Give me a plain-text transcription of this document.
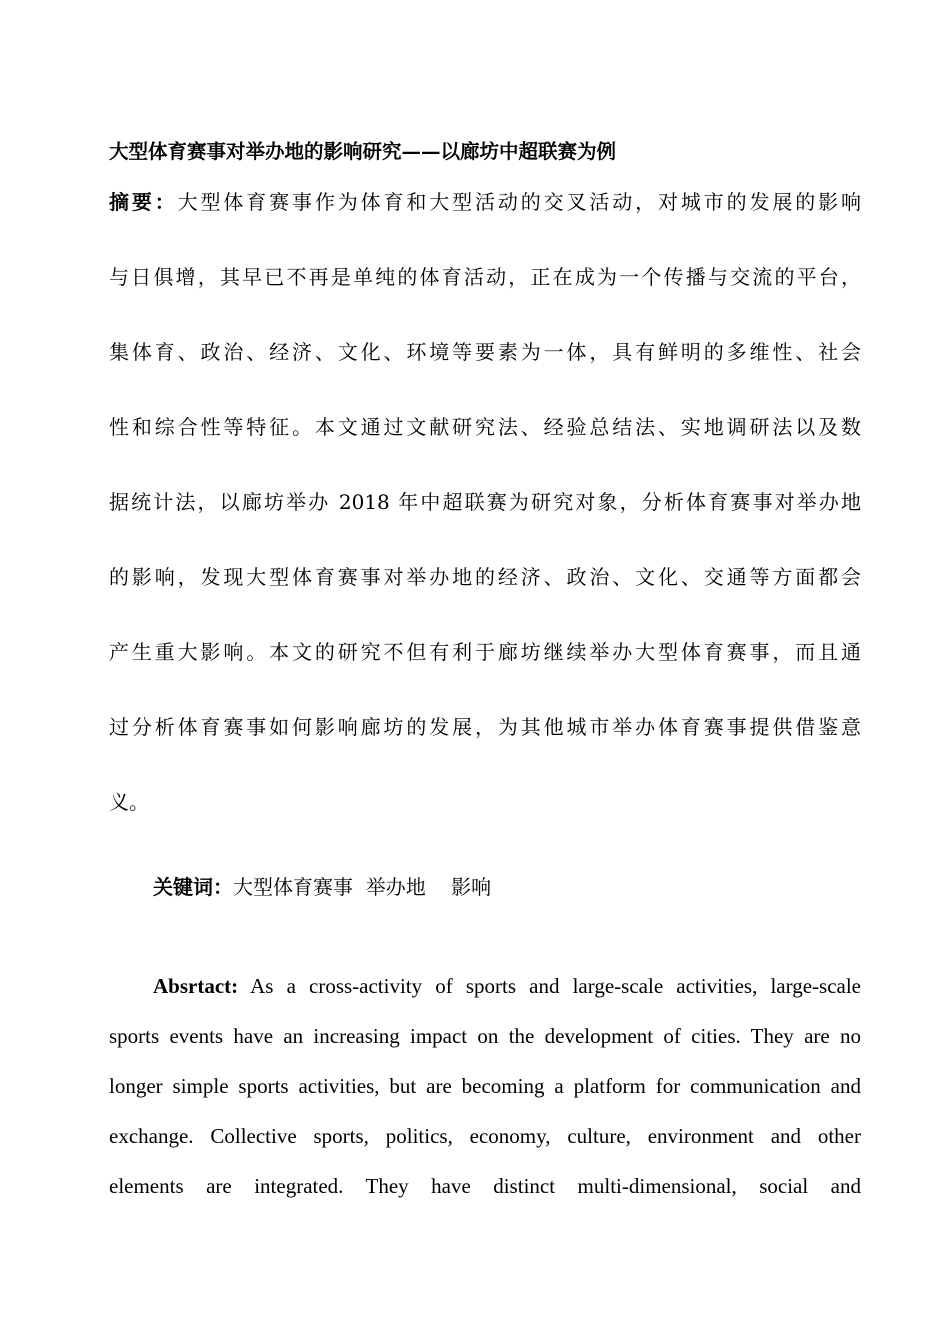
大型体育赛事对举办地的影响研究——以廊坊中超联赛为例
摘要：大型体育赛事作为体育和大型活动的交叉活动，对城市的发展的影响
与日俱增，其早已不再是单纯的体育活动，正在成为一个传播与交流的平台，
集体育、政治、经济、文化、环境等要素为一体，具有鲜明的多维性、社会
性和综合性等特征。本文通过文献研究法、经验总结法、实地调研法以及数
据统计法，以廊坊举办 2018 年中超联赛为研究对象，分析体育赛事对举办地
的影响，发现大型体育赛事对举办地的经济、政治、文化、交通等方面都会
产生重大影响。本文的研究不但有利于廊坊继续举办大型体育赛事，而且通
过分析体育赛事如何影响廊坊的发展，为其他城市举办体育赛事提供借鉴意
义。
关键词：大型体育赛事 举办地 影响
Absrtact: As a cross-activity of sports and large-scale activities, large-scale
sports events have an increasing impact on the development of cities. They are no
longer simple sports activities, but are becoming a platform for communication and
exchange. Collective sports, politics, economy, culture, environment and other
elements are integrated. They have distinct multi-dimensional, social and
